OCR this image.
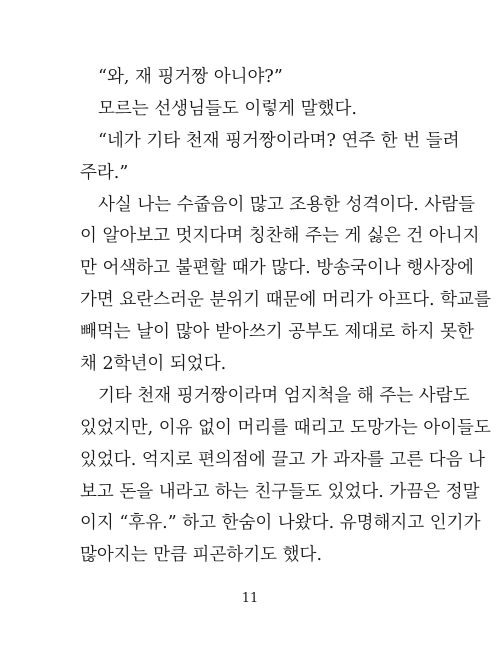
“와, 재 핑거짱 아니야?”
모르는 선생님들도 이렇게 말했다.
“네가 기타 천재 핑거짱이라며? 연주 한 번 들려
주라.”
사실 나는 수줍음이 많고 조용한 성격이다. 사람들
이 알아보고 멋지다며 칭찬해 주는 게 싫은 건 아니지
만 어색하고 불편할 때가 많다. 방송국이나 행사장에
가면 요란스러운 분위기 때문에 머리가 아프다. 학교를
빼먹는 날이 많아 받아쓰기 공부도 제대로 하지 못한
채 2학년이 되었다.
기타 천재 핑거짱이라며 엄지척을 해 주는 사람도
있었지만, 이유 없이 머리를 때리고 도망가는 아이들도
있었다. 억지로 편의점에 끌고 가 과자를 고른 다음 나
보고 돈을 내라고 하는 친구들도 있었다. 가끔은 정말
이지 “후유.” 하고 한숨이 나왔다. 유명해지고 인기가
많아지는 만큼 피곤하기도 했다.
11
